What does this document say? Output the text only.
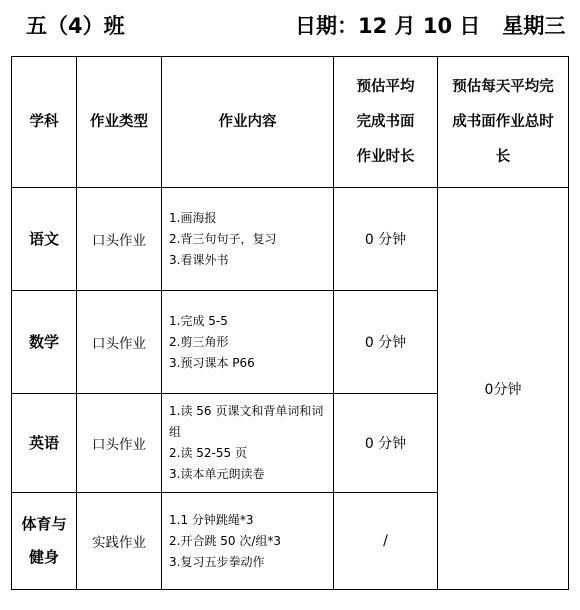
五（4）班	日期：12 月 10 日 星期三
学科	作业类型	作业内容	预估平均完成书面作业时长	预估每天平均完成书面作业总时长
语文	口头作业	1.画海报
2.背三句句子，复习
3.看课外书	0 分钟	0分钟
数学	口头作业	1.完成 5-5
2.剪三角形
3.预习课本 P66	0 分钟	
英语	口头作业	1.读 56 页课文和背单词和词组
2.读 52-55 页
3.读本单元朗读卷	0 分钟	
体育与健身	实践作业	1.1 分钟跳绳*3
2.开合跳 50 次/组*3
3.复习五步拳动作	/	
